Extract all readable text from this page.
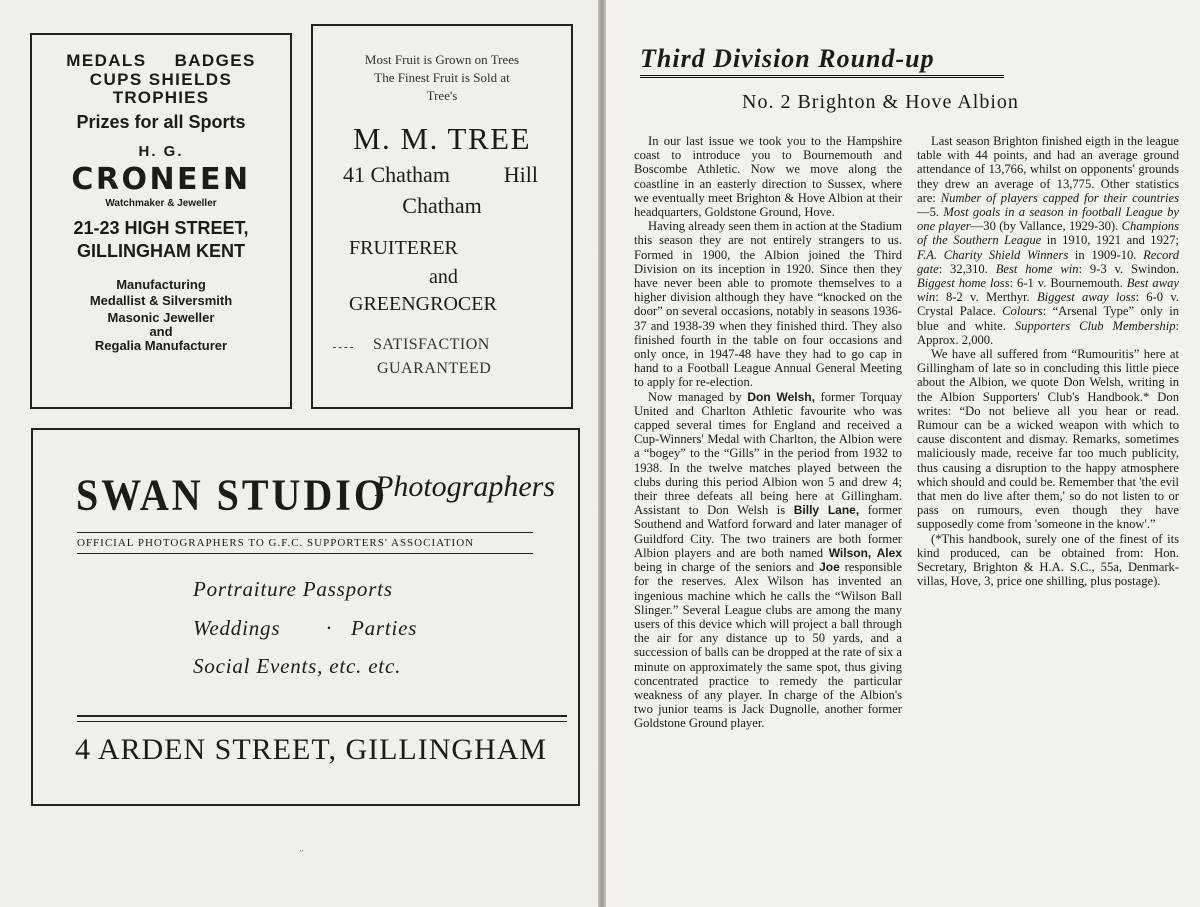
MEDALS BADGES
CUPS SHIELDS
TROPHIES
Prizes for all Sports
H. G.
CRONEEN
Watchmaker & Jeweller
21-23 HIGH STREET,
GILLINGHAM KENT
Manufacturing
Medallist & Silversmith
Masonic Jeweller
and
Regalia Manufacturer
Most Fruit is Grown on Trees
The Finest Fruit is Sold at
Tree's
M. M. TREE
41 Chatham Hill
Chatham
FRUITERER
and
GREENGROCER
SATISFACTION
GUARANTEED
SWAN STUDIO
Photographers
OFFICIAL PHOTOGRAPHERS TO G.F.C. SUPPORTERS' ASSOCIATION
Portraiture Passports
Weddings · Parties
Social Events, etc. etc.
4 ARDEN STREET, GILLINGHAM
ᵕ
Third Division Round-up
No. 2 Brighton & Hove Albion

In our last issue we took you to the Hampshire coast to introduce you to Bournemouth and Boscombe Athletic. Now we move along the coastline in an easterly direction to Sussex, where we eventually meet Brighton & Hove Albion at their headquarters, Goldstone Ground, Hove.

Having already seen them in action at the Stadium this season they are not entirely strangers to us. Formed in 1900, the Albion joined the Third Division on its inception in 1920. Since then they have never been able to promote themselves to a higher division although they have “knocked on the door” on several occasions, notably in seasons 1936-37 and 1938-39 when they finished third. They also finished fourth in the table on four occasions and only once, in 1947-48 have they had to go cap in hand to a Football League Annual General Meeting to apply for re-election.

Now managed by Don Welsh, former Torquay United and Charlton Athletic favourite who was capped several times for England and received a Cup-Winners' Medal with Charlton, the Albion were a “bogey” to the “Gills” in the period from 1932 to 1938. In the twelve matches played between the clubs during this period Albion won 5 and drew 4; their three defeats all being here at Gillingham. Assistant to Don Welsh is Billy Lane, former Southend and Watford forward and later manager of Guildford City. The two trainers are both former Albion players and are both named Wilson, Alex being in charge of the seniors and Joe responsible for the reserves. Alex Wilson has invented an ingenious machine which he calls the “Wilson Ball Slinger.” Several League clubs are among the many users of this device which will project a ball through the air for any distance up to 50 yards, and a succession of balls can be dropped at the rate of six a minute on approximately the same spot, thus giving concentrated practice to remedy the particular weakness of any player. In charge of the Albion's two junior teams is Jack Dugnolle, another former Goldstone Ground player.

Last season Brighton finished eigth in the league table with 44 points, and had an average ground attendance of 13,766, whilst on opponents' grounds they drew an average of 13,775. Other statistics are: Number of players capped for their countries—5. Most goals in a season in football League by one player—30 (by Vallance, 1929-30). Champions of the Southern League in 1910, 1921 and 1927; F.A. Charity Shield Winners in 1909-10. Record gate: 32,310. Best home win: 9-3 v. Swindon. Biggest home loss: 6-1 v. Bournemouth. Best away win: 8-2 v. Merthyr. Biggest away loss: 6-0 v. Crystal Palace. Colours: “Arsenal Type” only in blue and white. Supporters Club Membership: Approx. 2,000.

We have all suffered from “Rumouritis” here at Gillingham of late so in concluding this little piece about the Albion, we quote Don Welsh, writing in the Albion Supporters' Club's Handbook.* Don writes: “Do not believe all you hear or read. Rumour can be a wicked weapon with which to cause discontent and dismay. Remarks, sometimes maliciously made, receive far too much publicity, thus causing a disruption to the happy atmosphere which should and could be. Remember that 'the evil that men do live after them,' so do not listen to or pass on rumours, even though they have supposedly come from 'someone in the know'.”

(*This handbook, surely one of the finest of its kind produced, can be obtained from: Hon. Secretary, Brighton & H.A. S.C., 55a, Denmark-villas, Hove, 3, price one shilling, plus postage).
